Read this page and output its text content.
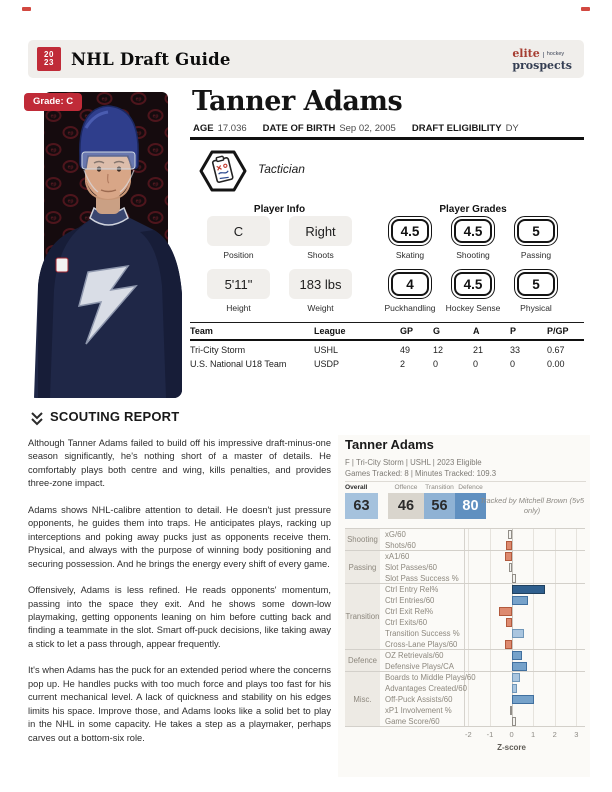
20
23 NHL Draft Guide	elite	hockey
prospects
Grade: C	Tanner Adams
AGE 17.036 DATE OF BIRTH Sep 02, 2005 DRAFT ELIGIBILITY DY
Tactician
Player Info	Player Grades
C
Position
Right
Shoots
5'11"
Height
183 lbs
Weight
4.5
Skating
4.5
Shooting
5
Passing
4
Puckhandling
4.5
Hockey Sense
5
Physical
Team	League	GP	G	A	P	P/GP
Tri-City Storm	USHL	49	12	21	33	0.67
U.S. National U18 Team	USDP	2	0	0	0	0.00
SCOUTING REPORT

Although Tanner Adams failed to build off his impressive draft-minus-one season significantly, he's nothing short of a master of details. He comfortably plays both centre and wing, kills penalties, and provides three-zone impact.

Adams shows NHL-calibre attention to detail. He doesn't just pressure opponents, he guides them into traps. He anticipates plays, racking up interceptions and poking away pucks just as opponents receive them. Physical, and always with the purpose of winning body positioning and securing possession. And he brings the energy every shift of every game.

Offensively, Adams is less refined. He reads opponents' momentum, passing into the space they exit. And he shows some down-low playmaking, getting opponents leaning on him before cutting back and finding a teammate in the slot. Smart off-puck decisions, like taking away a stick to let a pass through, appear frequently.

It's when Adams has the puck for an extended period where the concerns pop up. He handles pucks with too much force and plays too fast for his current mechanical level. A lack of quickness and stability on his edges limits his space. Improve those, and Adams looks like a solid bet to play in the NHL in some capacity. He takes a step as a playmaker, perhaps carves out a bottom-six role.

Tanner Adams
F | Tri-City Storm | USHL | 2023 Eligible
Games Tracked: 8 | Minutes Tracked: 109.3
Overall
63
Offence
46
Transition
56
Defence
80 Tracked by Mitchell Brown (5v5 only)
Shooting
xG/60
Shots/60
Passing
xA1/60
Slot Passes/60
Slot Pass Success %
Transition
Ctrl Entry Rel%
Ctrl Entries/60
Ctrl Exit Rel%
Ctrl Exits/60
Transition Success %
Cross-Lane Plays/60
Defence
OZ Retrievals/60
Defensive Plays/CA
Misc.
Boards to Middle Plays/60
Advantages Created/60
Off-Puck Assists/60
xP1 Involvement %
Game Score/60
-2	-1	0	1	2	3
Z-score
